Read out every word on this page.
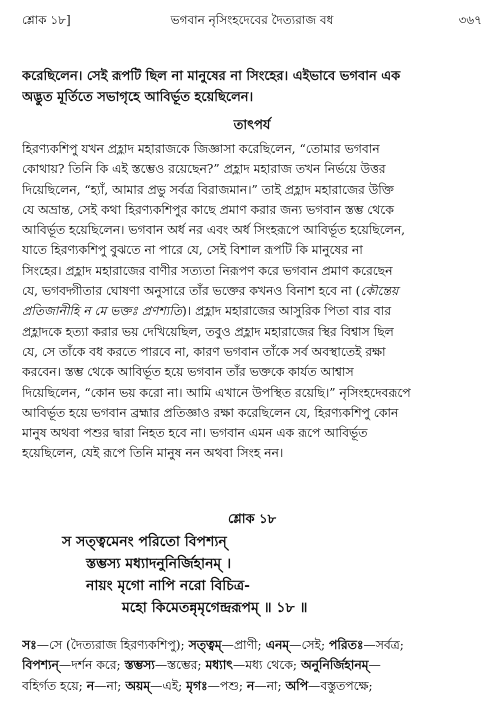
শ্লোক ১৮]	ভগবান নৃসিংহদেবের দৈত্যরাজ বধ	৩৬৭
করেছিলেন। সেই রূপটি ছিল না মানুষের না সিংহের। এইভাবে ভগবান এক
অদ্ভুত মূর্তিতে সভাগৃহে আবির্ভূত হয়েছিলেন।
তাৎপর্য
হিরণ্যকশিপু যখন প্রহ্লাদ মহারাজকে জিজ্ঞাসা করেছিলেন, “তোমার ভগবান
কোথায়? তিনি কি এই স্তম্ভেও রয়েছেন?” প্রহ্লাদ মহারাজ তখন নির্ভয়ে উত্তর
দিয়েছিলেন, “হ্যাঁ, আমার প্রভু সর্বত্র বিরাজমান।” তাই প্রহ্লাদ মহারাজের উক্তি
যে অভ্রান্ত, সেই কথা হিরণ্যকশিপুর কাছে প্রমাণ করার জন্য ভগবান স্তম্ভ থেকে
আবির্ভূত হয়েছিলেন। ভগবান অর্ধ নর এবং অর্ধ সিংহরূপে আবির্ভূত হয়েছিলেন,
যাতে হিরণ্যকশিপু বুঝতে না পারে যে, সেই বিশাল রূপটি কি মানুষের না
সিংহের। প্রহ্লাদ মহারাজের বাণীর সত্যতা নিরূপণ করে ভগবান প্রমাণ করেছেন
যে, ভগবদ্গীতার ঘোষণা অনুসারে তাঁর ভক্তের কখনও বিনাশ হবে না (কৌন্তেয়
প্রতিজানীহি ন মে ভক্তঃ প্রণশ্যতি)। প্রহ্লাদ মহারাজের আসুরিক পিতা বার বার
প্রহ্লাদকে হত্যা করার ভয় দেখিয়েছিল, তবুও প্রহ্লাদ মহারাজের স্থির বিশ্বাস ছিল
যে, সে তাঁকে বধ করতে পারবে না, কারণ ভগবান তাঁকে সর্ব অবস্থাতেই রক্ষা
করবেন। স্তম্ভ থেকে আবির্ভূত হয়ে ভগবান তাঁর ভক্তকে কার্যত আশ্বাস
দিয়েছিলেন, “কোন ভয় করো না। আমি এখানে উপস্থিত রয়েছি।” নৃসিংহদেবরূপে
আবির্ভূত হয়ে ভগবান ব্রহ্মার প্রতিজ্ঞাও রক্ষা করেছিলেন যে, হিরণ্যকশিপু কোন
মানুষ অথবা পশুর দ্বারা নিহত হবে না। ভগবান এমন এক রূপে আবির্ভূত
হয়েছিলেন, যেই রূপে তিনি মানুষ নন অথবা সিংহ নন।
শ্লোক ১৮
স সত্ত্বমেনং পরিতো বিপশ্যন্‌
স্তম্ভস্য মধ্যাদনুনির্জিহানম্‌ ।
নায়ং মৃগো নাপি নরো বিচিত্র-
মহো কিমেতন্নৃমৃগেন্দ্ররূপম্‌ ॥ ১৮ ॥
সঃ—সে (দৈত্যরাজ হিরণ্যকশিপু); সত্ত্বম্‌—প্রাণী; এনম্‌—সেই; পরিতঃ—সর্বত্র;
বিপশ্যন্‌—দর্শন করে; স্তম্ভস্য—স্তম্ভের; মধ্যাৎ—মধ্য থেকে; অনুনির্জিহানম্‌—
বহির্গত হয়ে; ন—না; অয়ম্‌—এই; মৃগঃ—পশু; ন—না; অপি—বস্তুতপক্ষে;
